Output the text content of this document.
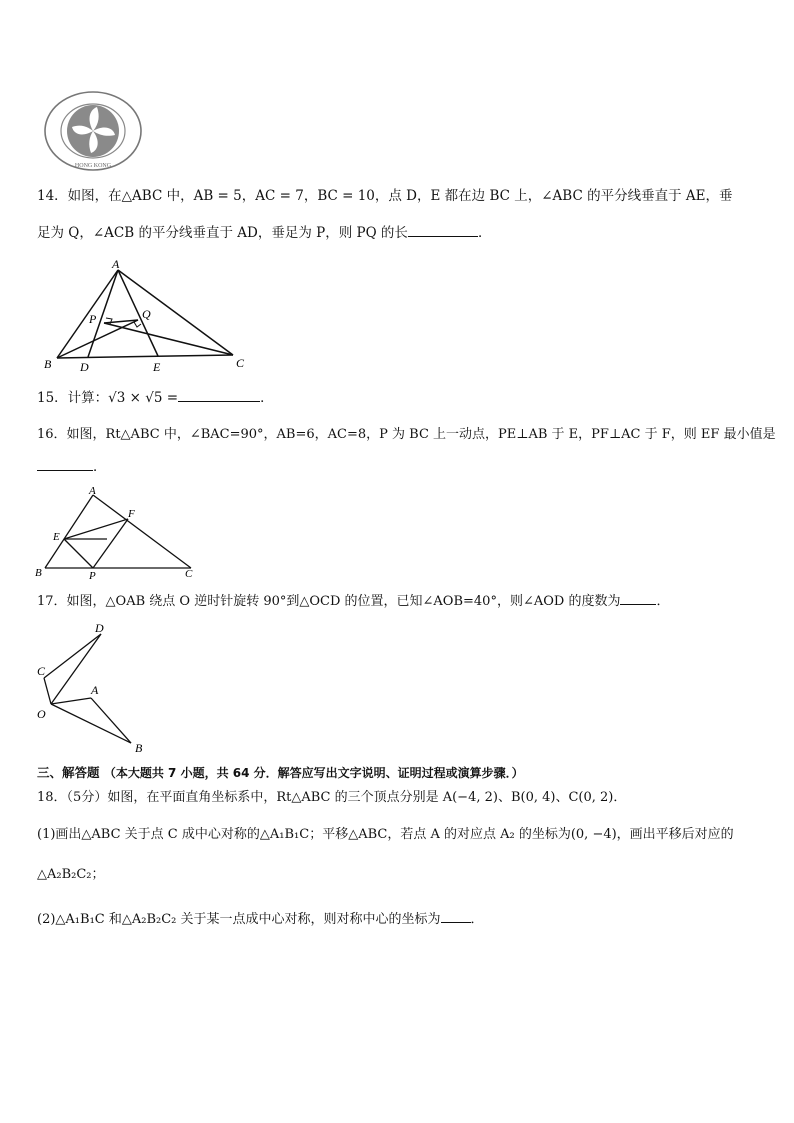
HONG KONG
14．如图，在△ABC 中，AB = 5，AC = 7，BC = 10，点 D，E 都在边 BC 上，∠ABC 的平分线垂直于 AE，垂
足为 Q，∠ACB 的平分线垂直于 AD，垂足为 P，则 PQ 的长	．
A
B	C
D	E
P	Q
15．计算：√3 × √5 =	．
16．如图，Rt△ABC 中，∠BAC=90°，AB=6，AC=8，P 为 BC 上一动点，PE⊥AB 于 E，PF⊥AC 于 F，则 EF 最小值是
．
A
B	C
E
F
P
17．如图，△OAB 绕点 O 逆时针旋转 90°到△OCD 的位置，已知∠AOB=40°，则∠AOD 的度数为	．
D
C
A
O
B
三、解答题 （本大题共 7 小题，共 64 分．解答应写出文字说明、证明过程或演算步骤．）
18．（5分）如图，在平面直角坐标系中，Rt△ABC 的三个顶点分别是 A(−4, 2)、B(0, 4)、C(0, 2)．
(1)画出△ABC 关于点 C 成中心对称的△A₁B₁C；平移△ABC，若点 A 的对应点 A₂ 的坐标为(0, −4)，画出平移后对应的
△A₂B₂C₂；
(2)△A₁B₁C 和△A₂B₂C₂ 关于某一点成中心对称，则对称中心的坐标为 ．
